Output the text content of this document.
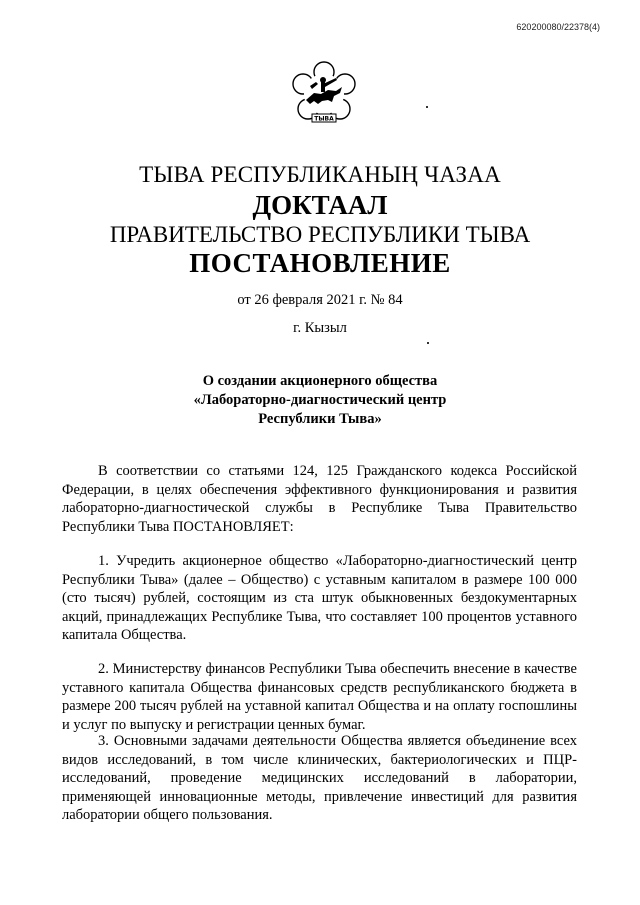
620200080/22378(4)
ТЫВА
ТЫВА РЕСПУБЛИКАНЫҢ ЧАЗАА
ДОКТААЛ
ПРАВИТЕЛЬСТВО РЕСПУБЛИКИ ТЫВА
ПОСТАНОВЛЕНИЕ
от 26 февраля 2021 г. № 84
г. Кызыл
О создании акционерного общества
«Лабораторно-диагностический центр
Республики Тыва»

В соответствии со статьями 124, 125 Гражданского кодекса Российской Федерации, в целях обеспечения эффективного функционирования и развития лабораторно-диагностической службы в Республике Тыва Правительство Республики Тыва ПОСТАНОВЛЯЕТ:

1. Учредить акционерное общество «Лабораторно-диагностический центр Республики Тыва» (далее – Общество) с уставным капиталом в размере 100 000 (сто тысяч) рублей, состоящим из ста штук обыкновенных бездокументарных акций, принадлежащих Республике Тыва, что составляет 100 процентов уставного капитала Общества.

2. Министерству финансов Республики Тыва обеспечить внесение в качестве уставного капитала Общества финансовых средств республиканского бюджета в размере 200 тысяч рублей на уставной капитал Общества и на оплату госпошлины и услуг по выпуску и регистрации ценных бумаг.

3. Основными задачами деятельности Общества является объединение всех видов исследований, в том числе клинических, бактериологических и ПЦР-исследований, проведение медицинских исследований в лаборатории, применяющей инновационные методы, привлечение инвестиций для развития лаборатории общего пользования.
